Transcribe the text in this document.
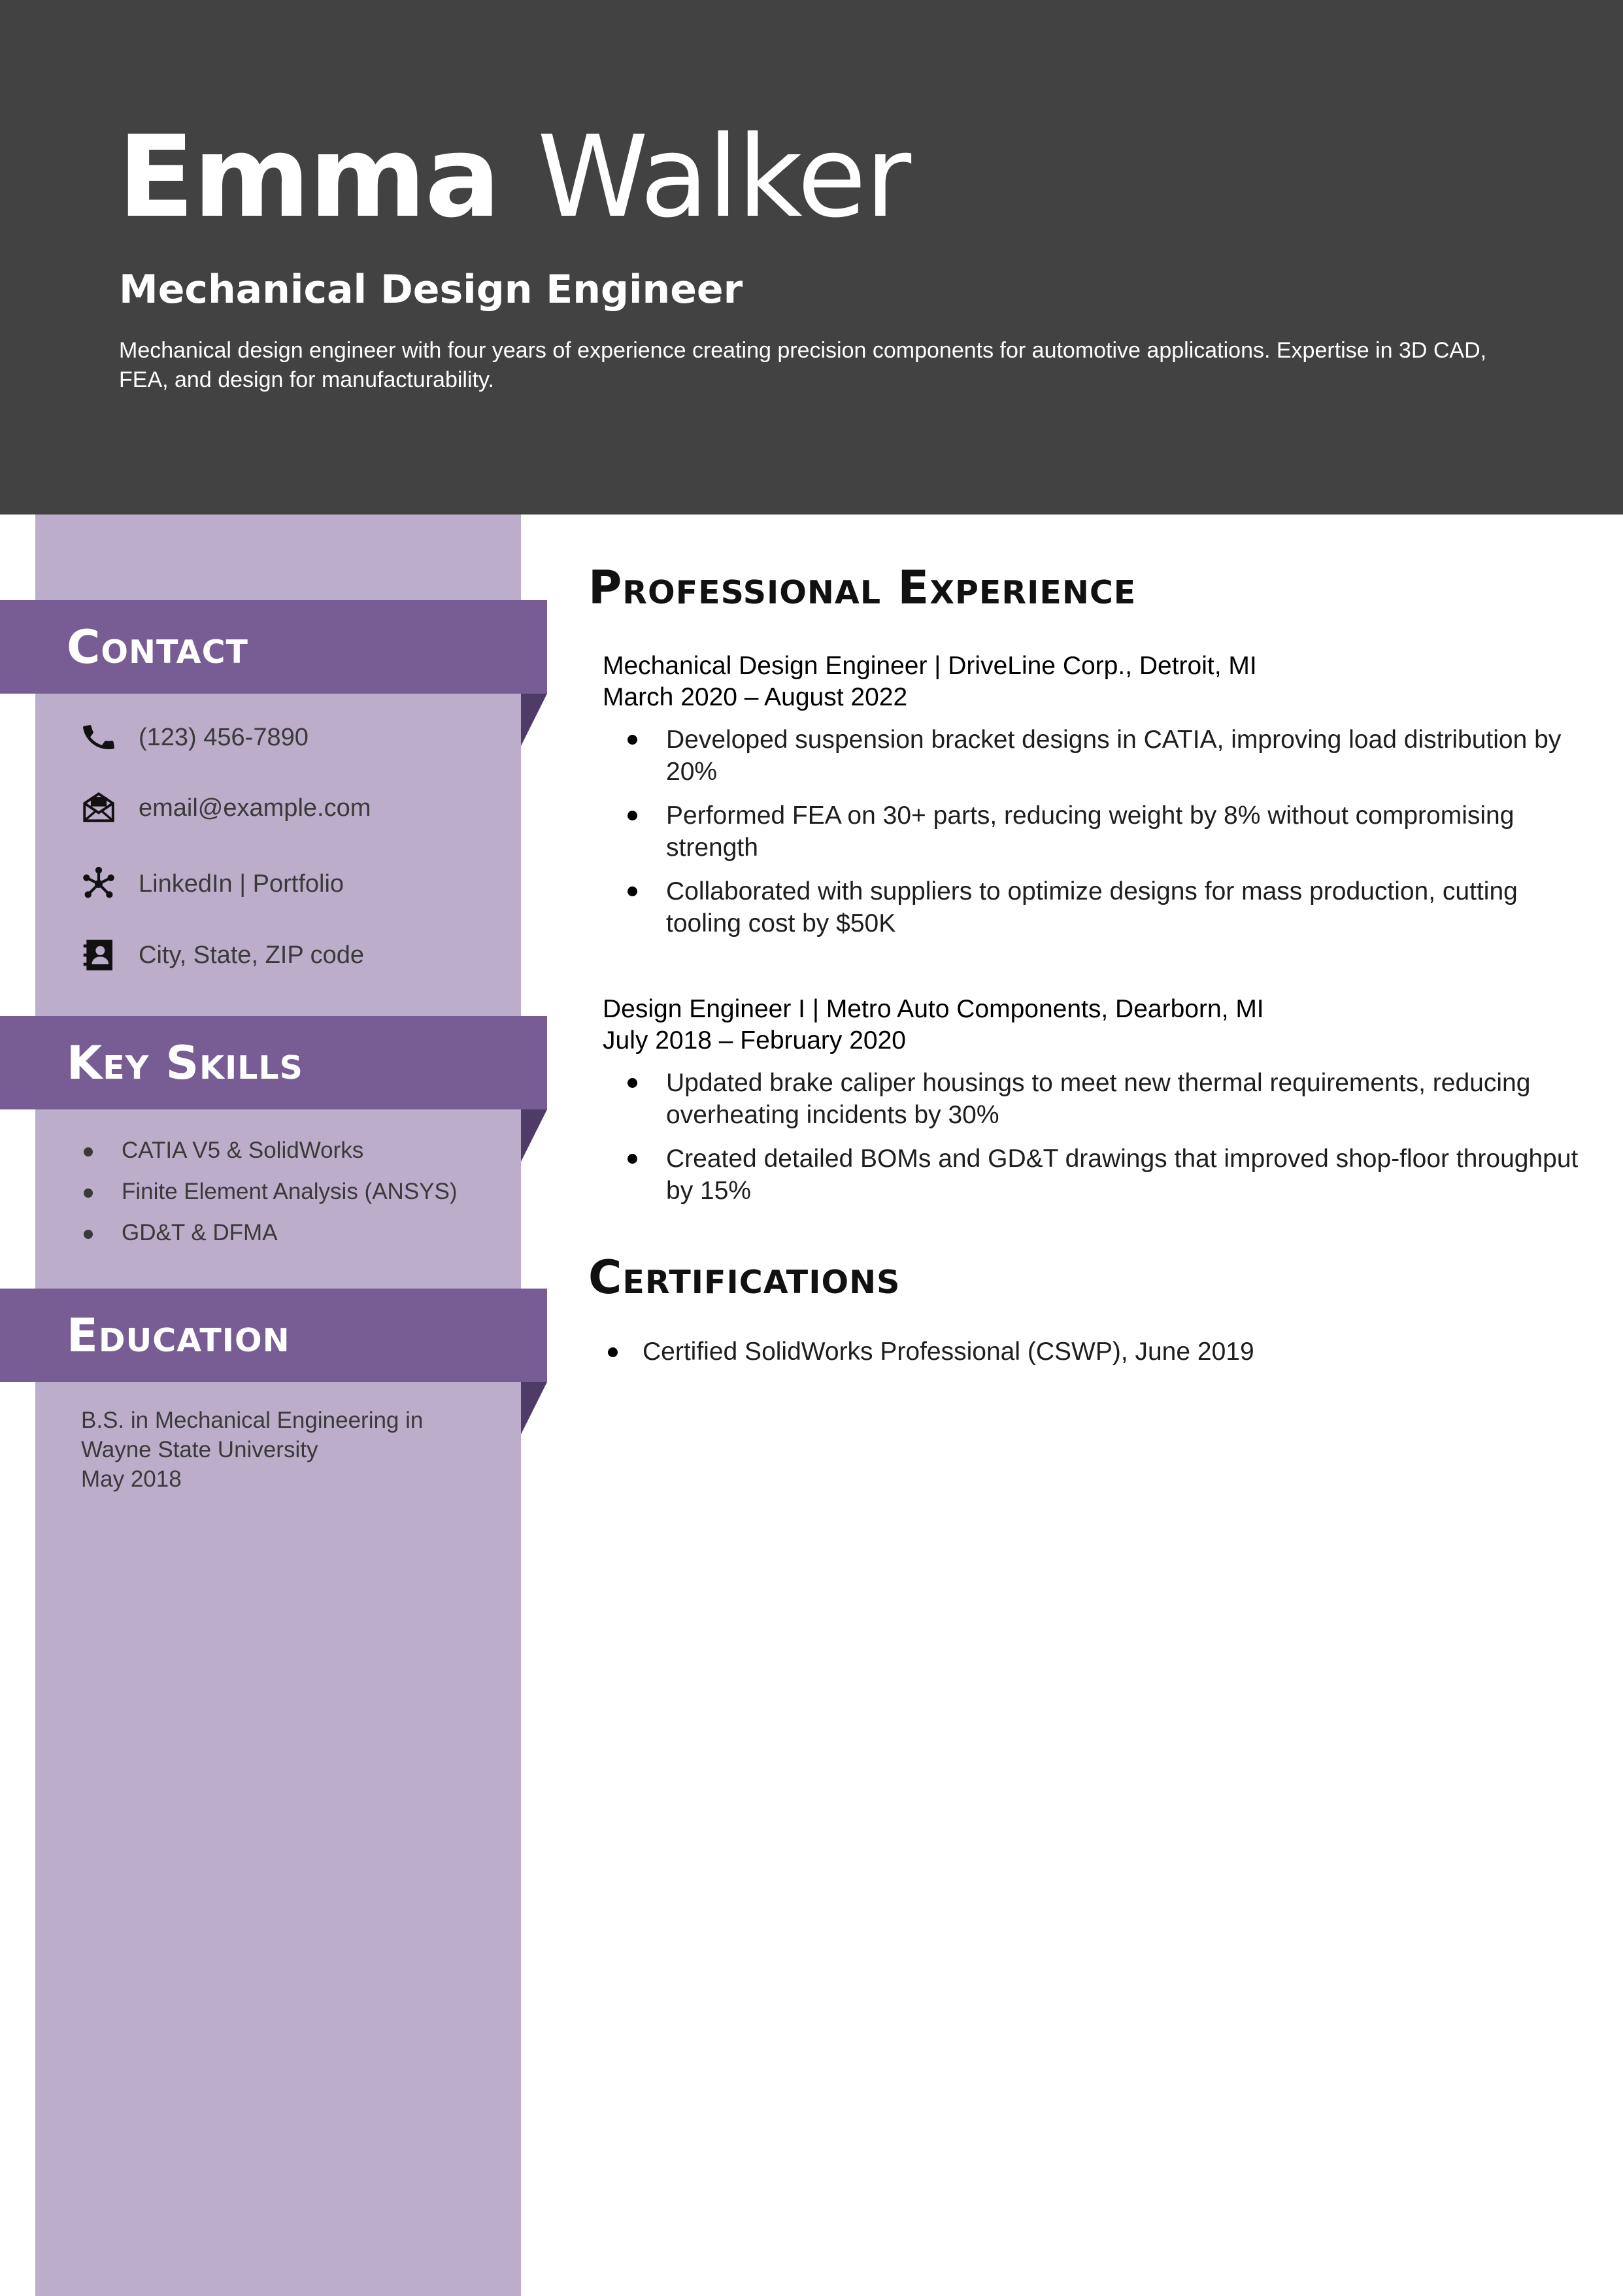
Emma Walker
Mechanical Design Engineer

Mechanical design engineer with four years of experience creating precision components for automotive applications. Expertise in 3D CAD, FEA, and design for manufacturability.

Contact
(123) 456-7890
email@example.com
LinkedIn | Portfolio
City, State, ZIP code
Key Skills
CATIA V5 & SolidWorks
Finite Element Analysis (ANSYS)
GD&T & DFMA
Education
B.S. in Mechanical Engineering in
Wayne State University
May 2018
Professional Experience
Mechanical Design Engineer | DriveLine Corp., Detroit, MI
March 2020 – August 2022
Developed suspension bracket designs in CATIA, improving load distribution by 20%
Performed FEA on 30+ parts, reducing weight by 8% without compromising strength
Collaborated with suppliers to optimize designs for mass production, cutting tooling cost by $50K
Design Engineer I | Metro Auto Components, Dearborn, MI
July 2018 – February 2020
Updated brake caliper housings to meet new thermal requirements, reducing overheating incidents by 30%
Created detailed BOMs and GD&T drawings that improved shop-floor throughput by 15%
Certifications
Certified SolidWorks Professional (CSWP), June 2019
